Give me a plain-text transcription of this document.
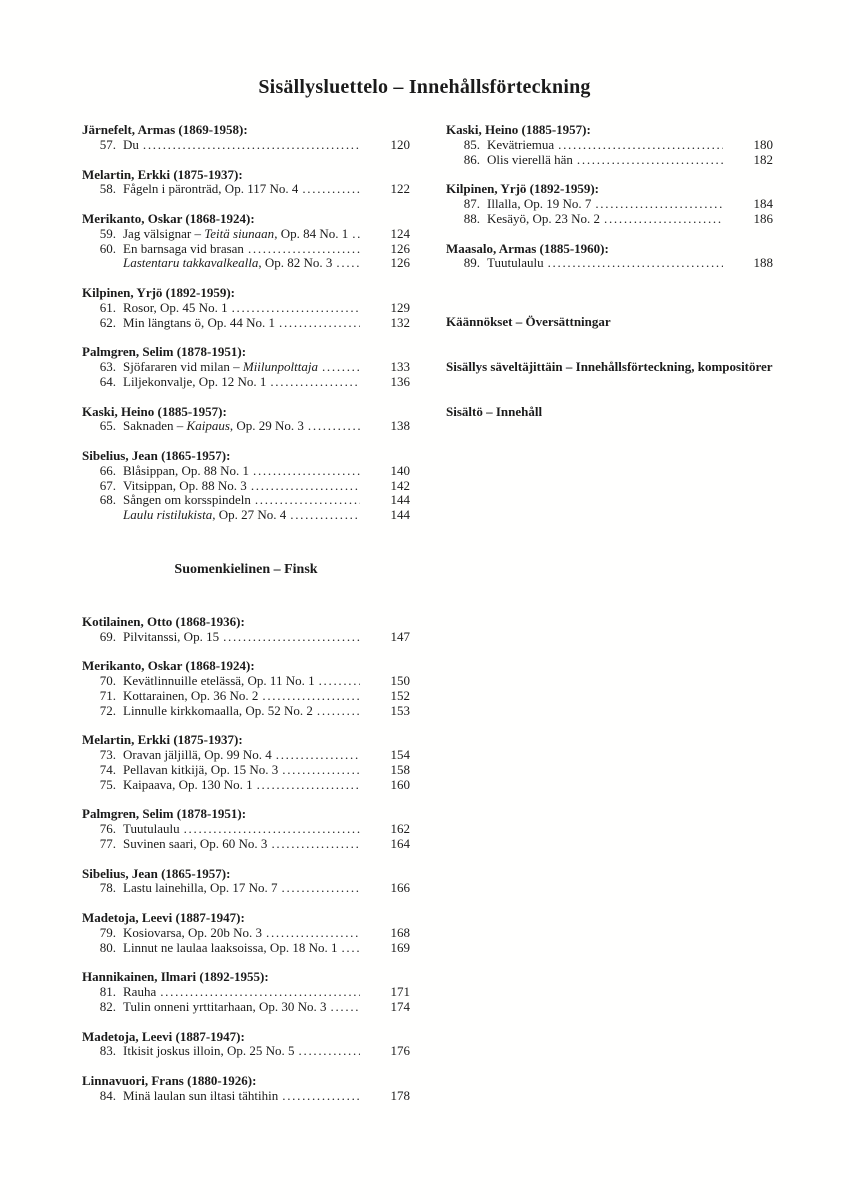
Sisällysluettelo – Innehållsförteckning
Järnefelt, Armas (1869-1958):
57. Du .....	120
Melartin, Erkki (1875-1937):
58. Fågeln i päronträd, Op. 117 No. 4 .....	122
Merikanto, Oskar (1868-1924):
59. Jag välsignar – Teitä siunaan, Op. 84 No. 1 .....	124
60. En barnsaga vid brasan .....	126
Lastentaru takkavalkealla, Op. 82 No. 3 .....	126
Kilpinen, Yrjö (1892-1959):
61. Rosor, Op. 45 No. 1 .....	129
62. Min längtans ö, Op. 44 No. 1 .....	132
Palmgren, Selim (1878-1951):
63. Sjöfararen vid milan – Miilunpolttaja .....	133
64. Liljekonvalje, Op. 12 No. 1 .....	136
Kaski, Heino (1885-1957):
65. Saknaden – Kaipaus, Op. 29 No. 3 .....	138
Sibelius, Jean (1865-1957):
66. Blåsippan, Op. 88 No. 1 .....	140
67. Vitsippan, Op. 88 No. 3 .....	142
68. Sången om korsspindeln .....	144
Laulu ristilukista, Op. 27 No. 4 .....	144
Suomenkielinen – Finsk
Kotilainen, Otto (1868-1936):
69. Pilvitanssi, Op. 15 .....	147
Merikanto, Oskar (1868-1924):
70. Kevätlinnuille etelässä, Op. 11 No. 1 .....	150
71. Kottarainen, Op. 36 No. 2 .....	152
72. Linnulle kirkkomaalla, Op. 52 No. 2 .....	153
Melartin, Erkki (1875-1937):
73. Oravan jäljillä, Op. 99 No. 4 .....	154
74. Pellavan kitkijä, Op. 15 No. 3 .....	158
75. Kaipaava, Op. 130 No. 1 .....	160
Palmgren, Selim (1878-1951):
76. Tuutulaulu .....	162
77. Suvinen saari, Op. 60 No. 3 .....	164
Sibelius, Jean (1865-1957):
78. Lastu lainehilla, Op. 17 No. 7 .....	166
Madetoja, Leevi (1887-1947):
79. Kosiovarsa, Op. 20b No. 3 .....	168
80. Linnut ne laulaa laaksoissa, Op. 18 No. 1 .....	169
Hannikainen, Ilmari (1892-1955):
81. Rauha .....	171
82. Tulin onneni yrttitarhaan, Op. 30 No. 3 .....	174
Madetoja, Leevi (1887-1947):
83. Itkisit joskus illoin, Op. 25 No. 5 .....	176
Linnavuori, Frans (1880-1926):
84. Minä laulan sun iltasi tähtihin .....	178
Kaski, Heino (1885-1957):
85. Kevätriemua .....	180
86. Olis vierellä hän .....	182
Kilpinen, Yrjö (1892-1959):
87. Illalla, Op. 19 No. 7 .....	184
88. Kesäyö, Op. 23 No. 2 .....	186
Maasalo, Armas (1885-1960):
89. Tuutulaulu .....	188
Käännökset – Översättningar
Sisällys säveltäjittäin – Innehållsförteckning, kompositörer
Sisältö – Innehåll
